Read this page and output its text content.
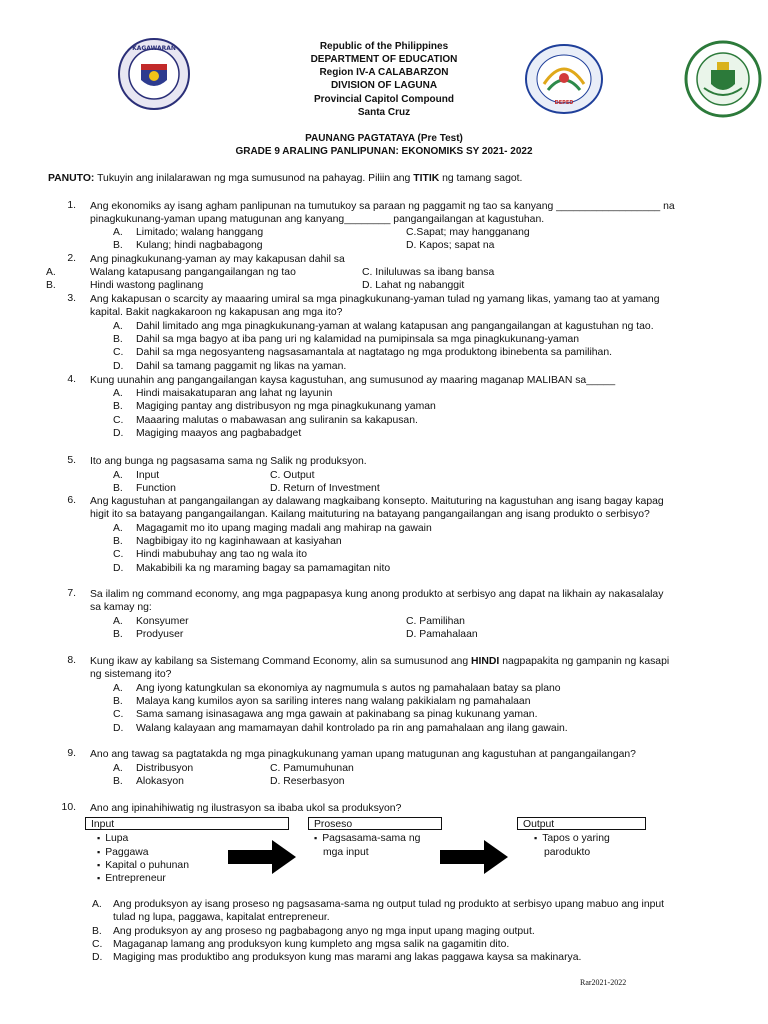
KAGAWARAN
DEPED
Republic of the Philippines
DEPARTMENT OF EDUCATION
Region IV-A CALABARZON
DIVISION OF LAGUNA
Provincial Capitol Compound
Santa Cruz
PAUNANG PAGTATAYA (Pre Test)
GRADE 9 ARALING PANLIPUNAN: EKONOMIKS SY 2021- 2022
PANUTO: Tukuyin ang inilalarawan ng mga sumusunod na pahayag. Piliin ang TITIK ng tamang sagot.
1. Ang ekonomiks ay isang agham panlipunan na tumutukoy sa paraan ng paggamit ng tao sa kanyang __________________ na
pinagkukunang-yaman upang matugunan ang kanyang________ pangangailangan at kagustuhan.
A. Limitado; walang hanggang	C.Sapat; may hangganang
B. Kulang; hindi nagbabagong	D. Kapos; sapat na
2. Ang pinagkukunang-yaman ay may kakapusan dahil sa
A.	Walang katapusang pangangailangan ng tao	C. Iniluluwas sa ibang bansa
B.	Hindi wastong paglinang	D. Lahat ng nabanggit
3. Ang kakapusan o scarcity ay maaaring umiral sa mga pinagkukunang-yaman tulad ng yamang likas, yamang tao at yamang
kapital. Bakit nagkakaroon ng kakapusan ang mga ito?
A. Dahil limitado ang mga pinagkukunang-yaman at walang katapusan ang pangangailangan at kagustuhan ng tao.
B. Dahil sa mga bagyo at iba pang uri ng kalamidad na pumipinsala sa mga pinagkukunang-yaman
C. Dahil sa mga negosyanteng nagsasamantala at nagtatago ng mga produktong ibinebenta sa pamilihan.
D. Dahil sa tamang paggamit ng likas na yaman.
4. Kung uunahin ang pangangailangan kaysa kagustuhan, ang sumusunod ay maaring maganap MALIBAN sa_____
A. Hindi maisakatuparan ang lahat ng layunin
B. Magiging pantay ang distribusyon ng mga pinagkukunang yaman
C. Maaaring malutas o mabawasan ang suliranin sa kakapusan.
D. Magiging maayos ang pagbabadget
5. Ito ang bunga ng pagsasama sama ng Salik ng produksyon.
A. Input	C. Output
B. Function	D. Return of Investment
6. Ang kagustuhan at pangangailangan ay dalawang magkaibang konsepto. Maituturing na kagustuhan ang isang bagay kapag
higit ito sa batayang pangangailangan. Kailang maituturing na batayang pangangailangan ang isang produkto o serbisyo?
A. Magagamit mo ito upang maging madali ang mahirap na gawain
B. Nagbibigay ito ng kaginhawaan at kasiyahan
C. Hindi mabubuhay ang tao ng wala ito
D. Makabibili ka ng maraming bagay sa pamamagitan nito
7. Sa ilalim ng command economy, ang mga pagpapasya kung anong produkto at serbisyo ang dapat na likhain ay nakasalalay
sa kamay ng:
A. Konsyumer	C. Pamilihan
B. Prodyuser	D. Pamahalaan
8. Kung ikaw ay kabilang sa Sistemang Command Economy, alin sa sumusunod ang HINDI nagpapakita ng gampanin ng kasapi
ng sistemang ito?
A. Ang iyong katungkulan sa ekonomiya ay nagmumula s autos ng pamahalaan batay sa plano
B. Malaya kang kumilos ayon sa sariling interes nang walang pakikialam ng pamahalaan
C. Sama samang isinasagawa ang mga gawain at pakinabang sa pinag kukunang yaman.
D. Walang kalayaan ang mamamayan dahil kontrolado pa rin ang pamahalaan ang ilang gawain.
9. Ano ang tawag sa pagtatakda ng mga pinagkukunang yaman upang matugunan ang kagustuhan at pangangailangan?
A. Distribusyon	C. Pamumuhunan
B. Alokasyon	D. Reserbasyon
10. Ano ang ipinahihiwatig ng ilustrasyon sa ibaba ukol sa produksyon?
Input	Proseso	Output
▪ Lupa
▪ Paggawa
▪ Kapital o puhunan
▪ Entrepreneur
▪ Pagsasama-sama ng
mga input
▪ Tapos o yaring
parodukto
A. Ang produksyon ay isang proseso ng pagsasama-sama ng output tulad ng produkto at serbisyo upang mabuo ang input
tulad ng lupa, paggawa, kapitalat entrepreneur.
B. Ang produksyon ay ang proseso ng pagbabagong anyo ng mga input upang maging output.
C. Magaganap lamang ang produksyon kung kumpleto ang mgsa salik na gagamitin dito.
D. Magiging mas produktibo ang produksyon kung mas marami ang lakas paggawa kaysa sa makinarya.
Rar2021-2022
